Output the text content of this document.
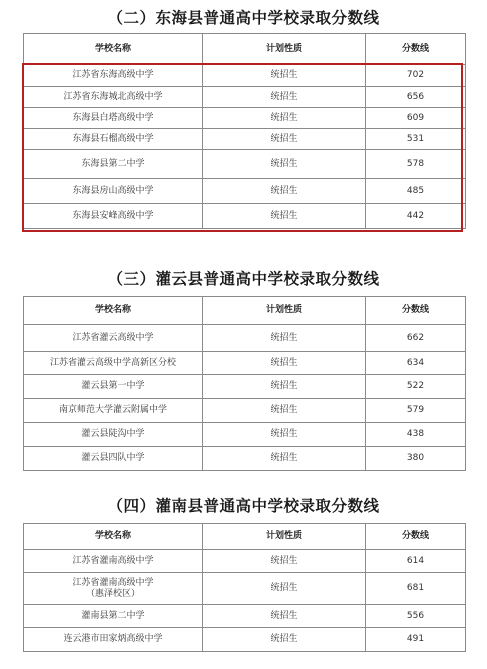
（二）东海县普通高中学校录取分数线
学校名称	计划性质	分数线
江苏省东海高级中学	统招生	702
江苏省东海城北高级中学	统招生	656
东海县白塔高级中学	统招生	609
东海县石榴高级中学	统招生	531
东海县第二中学	统招生	578
东海县房山高级中学	统招生	485
东海县安峰高级中学	统招生	442
（三）灌云县普通高中学校录取分数线
学校名称	计划性质	分数线
江苏省灌云高级中学	统招生	662
江苏省灌云高级中学高新区分校	统招生	634
灌云县第一中学	统招生	522
南京师范大学灌云附属中学	统招生	579
灌云县陡沟中学	统招生	438
灌云县四队中学	统招生	380
（四）灌南县普通高中学校录取分数线
学校名称	计划性质	分数线
江苏省灌南高级中学	统招生	614
江苏省灌南高级中学
（惠泽校区）	统招生	681
灌南县第二中学	统招生	556
连云港市田家炳高级中学	统招生	491
